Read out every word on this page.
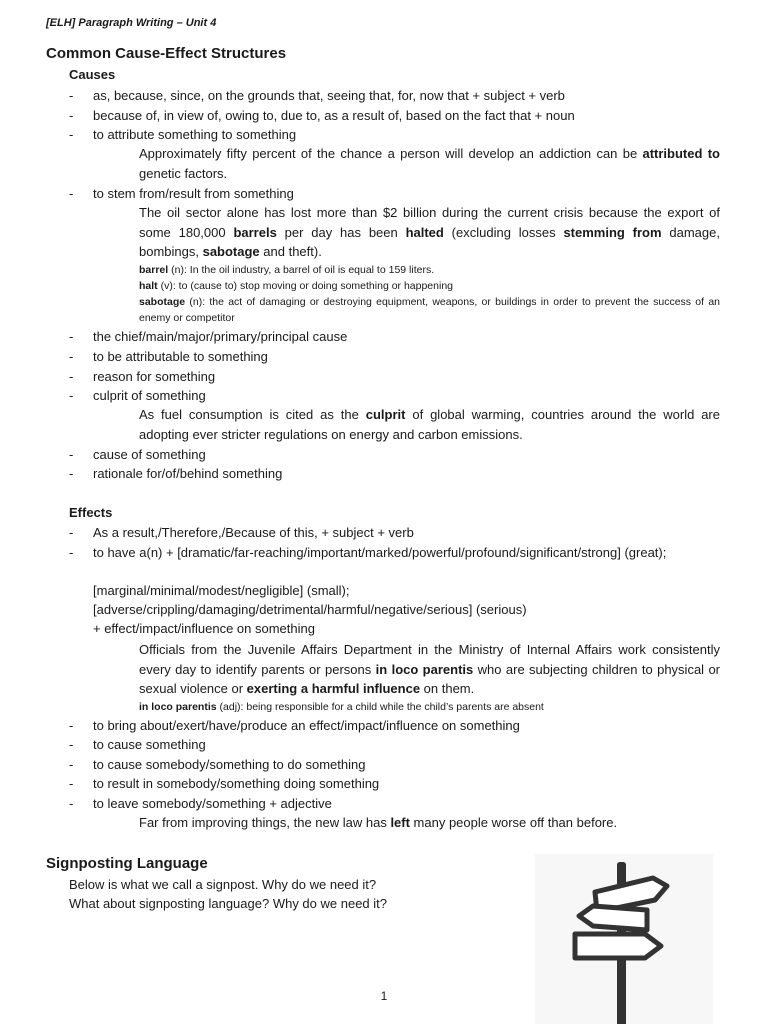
[ELH] Paragraph Writing – Unit 4
Common Cause-Effect Structures
Causes
- as, because, since, on the grounds that, seeing that, for, now that + subject + verb
- because of, in view of, owing to, due to, as a result of, based on the fact that + noun
- to attribute something to something
Approximately fifty percent of the chance a person will develop an addiction can be attributed to genetic factors.
- to stem from/result from something
The oil sector alone has lost more than $2 billion during the current crisis because the export of some 180,000 barrels per day has been halted (excluding losses stemming from damage, bombings, sabotage and theft).
barrel (n): In the oil industry, a barrel of oil is equal to 159 liters.
halt (v): to (cause to) stop moving or doing something or happening
sabotage (n): the act of damaging or destroying equipment, weapons, or buildings in order to prevent the success of an enemy or competitor
- the chief/main/major/primary/principal cause
- to be attributable to something
- reason for something
- culprit of something
As fuel consumption is cited as the culprit of global warming, countries around the world are adopting ever stricter regulations on energy and carbon emissions.
- cause of something
- rationale for/of/behind something
Effects
- As a result,/Therefore,/Because of this, + subject + verb
- to have a(n) + [dramatic/far-reaching/important/marked/powerful/profound/significant/strong] (great);
[marginal/minimal/modest/negligible] (small);
[adverse/crippling/damaging/detrimental/harmful/negative/serious] (serious)
+ effect/impact/influence on something
Officials from the Juvenile Affairs Department in the Ministry of Internal Affairs work consistently every day to identify parents or persons in loco parentis who are subjecting children to physical or sexual violence or exerting a harmful influence on them.
in loco parentis (adj): being responsible for a child while the child’s parents are absent
- to bring about/exert/have/produce an effect/impact/influence on something
- to cause something
- to cause somebody/something to do something
- to result in somebody/something doing something
- to leave somebody/something + adjective
Far from improving things, the new law has left many people worse off than before.
Signposting Language
Below is what we call a signpost. Why do we need it?
What about signposting language? Why do we need it?
1
